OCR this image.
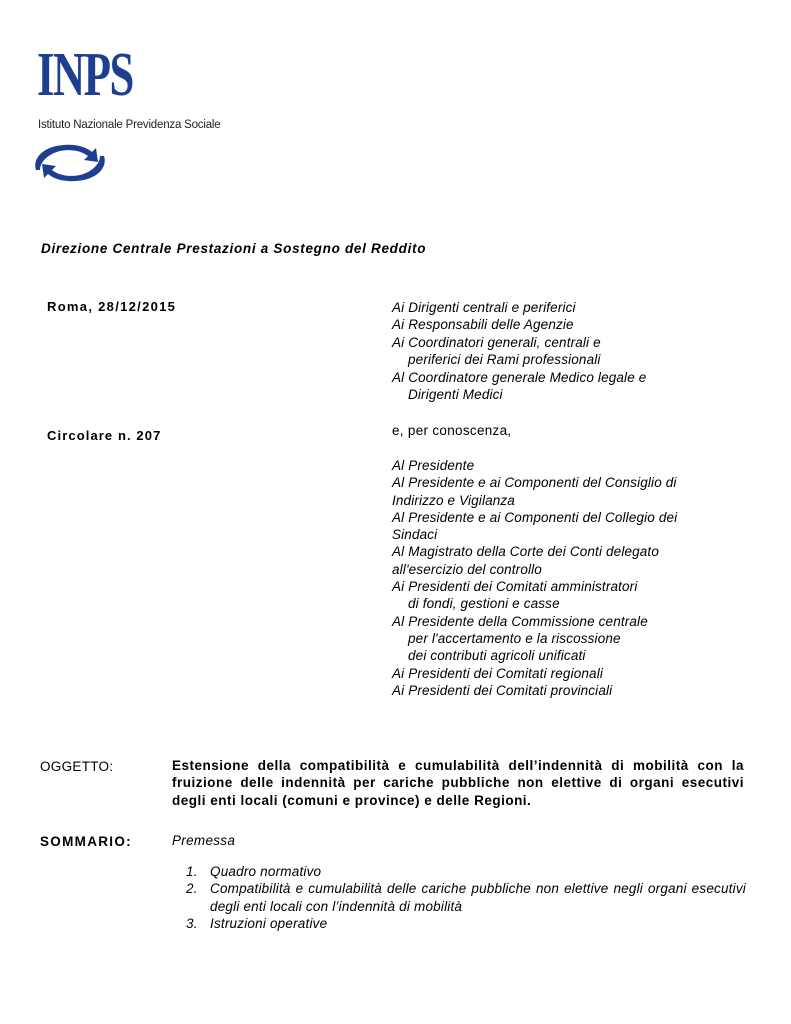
INPS
Istituto Nazionale Previdenza Sociale
Direzione Centrale Prestazioni a Sostegno del Reddito
Roma, 28/12/2015
Circolare n. 207
Ai Dirigenti centrali e periferici
Ai Responsabili delle Agenzie
Ai Coordinatori generali, centrali e
periferici dei Rami professionali
Al Coordinatore generale Medico legale e
Dirigenti Medici
e, per conoscenza,
Al Presidente
Al Presidente e ai Componenti del Consiglio di
Indirizzo e Vigilanza
Al Presidente e ai Componenti del Collegio dei
Sindaci
Al Magistrato della Corte dei Conti delegato
all'esercizio del controllo
Ai Presidenti dei Comitati amministratori
di fondi, gestioni e casse
Al Presidente della Commissione centrale
per l'accertamento e la riscossione
dei contributi agricoli unificati
Ai Presidenti dei Comitati regionali
Ai Presidenti dei Comitati provinciali
OGGETTO:	Estensione della compatibilità e cumulabilità dell’indennità di mobilità con la fruizione delle indennità per cariche pubbliche non elettive di organi esecutivi degli enti locali (comuni e province) e delle Regioni.
SOMMARIO:	Premessa
1. Quadro normativo
2. Compatibilità e cumulabilità delle cariche pubbliche non elettive negli organi esecutivi degli enti locali con l’indennità di mobilità
3. Istruzioni operative
